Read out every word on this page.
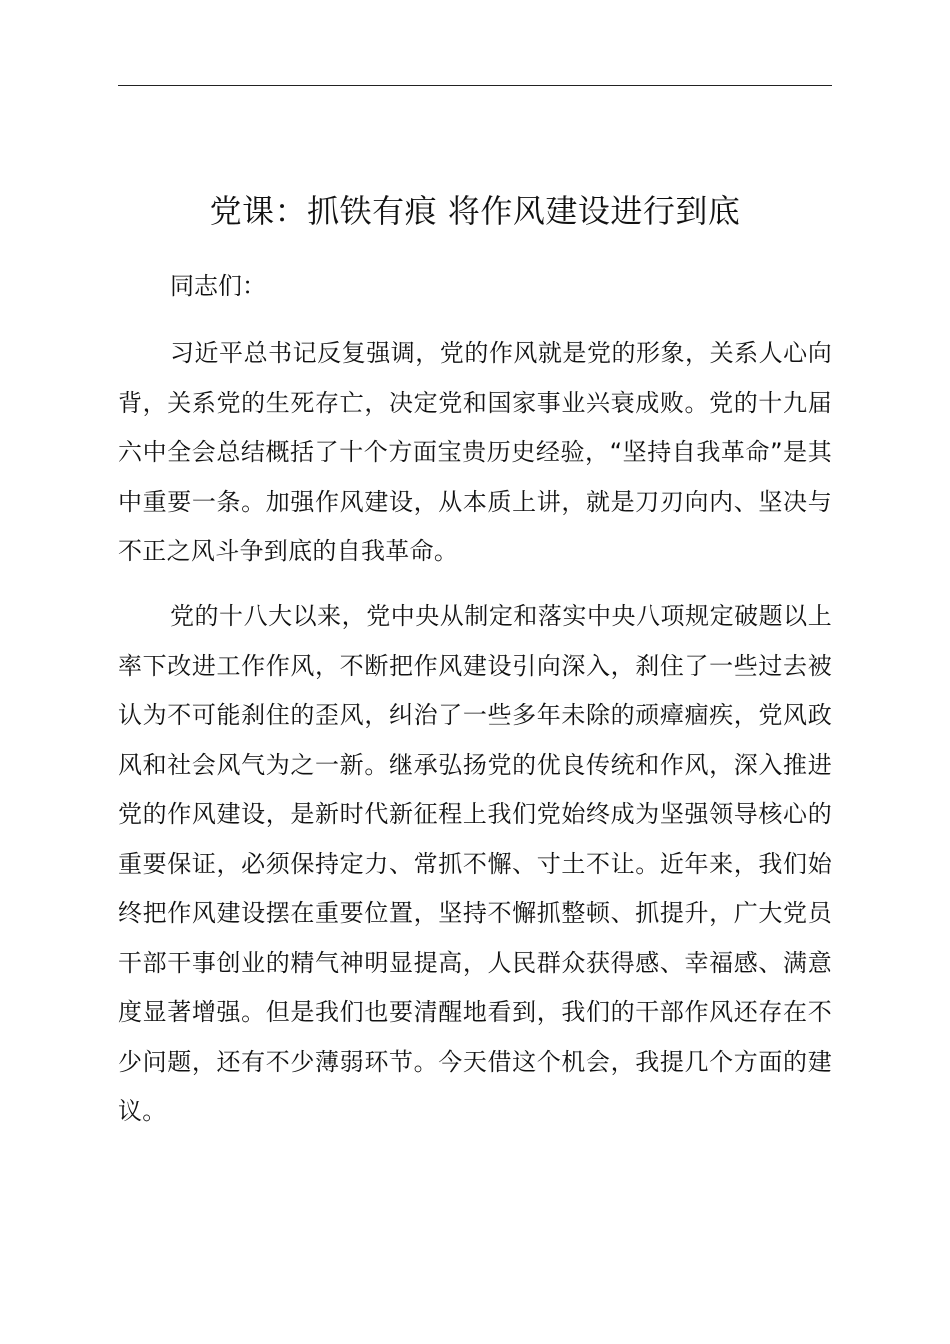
党课：抓铁有痕 将作风建设进行到底

同志们：

习近平总书记反复强调，党的作风就是党的形象，关系人心向背，关系党的生死存亡，决定党和国家事业兴衰成败。党的十九届六中全会总结概括了十个方面宝贵历史经验，“坚持自我革命”是其中重要一条。加强作风建设，从本质上讲，就是刀刃向内、坚决与不正之风斗争到底的自我革命。

党的十八大以来，党中央从制定和落实中央八项规定破题以上率下改进工作作风，不断把作风建设引向深入，刹住了一些过去被认为不可能刹住的歪风，纠治了一些多年未除的顽瘴痼疾，党风政风和社会风气为之一新。继承弘扬党的优良传统和作风，深入推进党的作风建设，是新时代新征程上我们党始终成为坚强领导核心的重要保证，必须保持定力、常抓不懈、寸土不让。近年来，我们始终把作风建设摆在重要位置，坚持不懈抓整顿、抓提升，广大党员干部干事创业的精气神明显提高，人民群众获得感、幸福感、满意度显著增强。但是我们也要清醒地看到，我们的干部作风还存在不少问题，还有不少薄弱环节。今天借这个机会，我提几个方面的建议。
